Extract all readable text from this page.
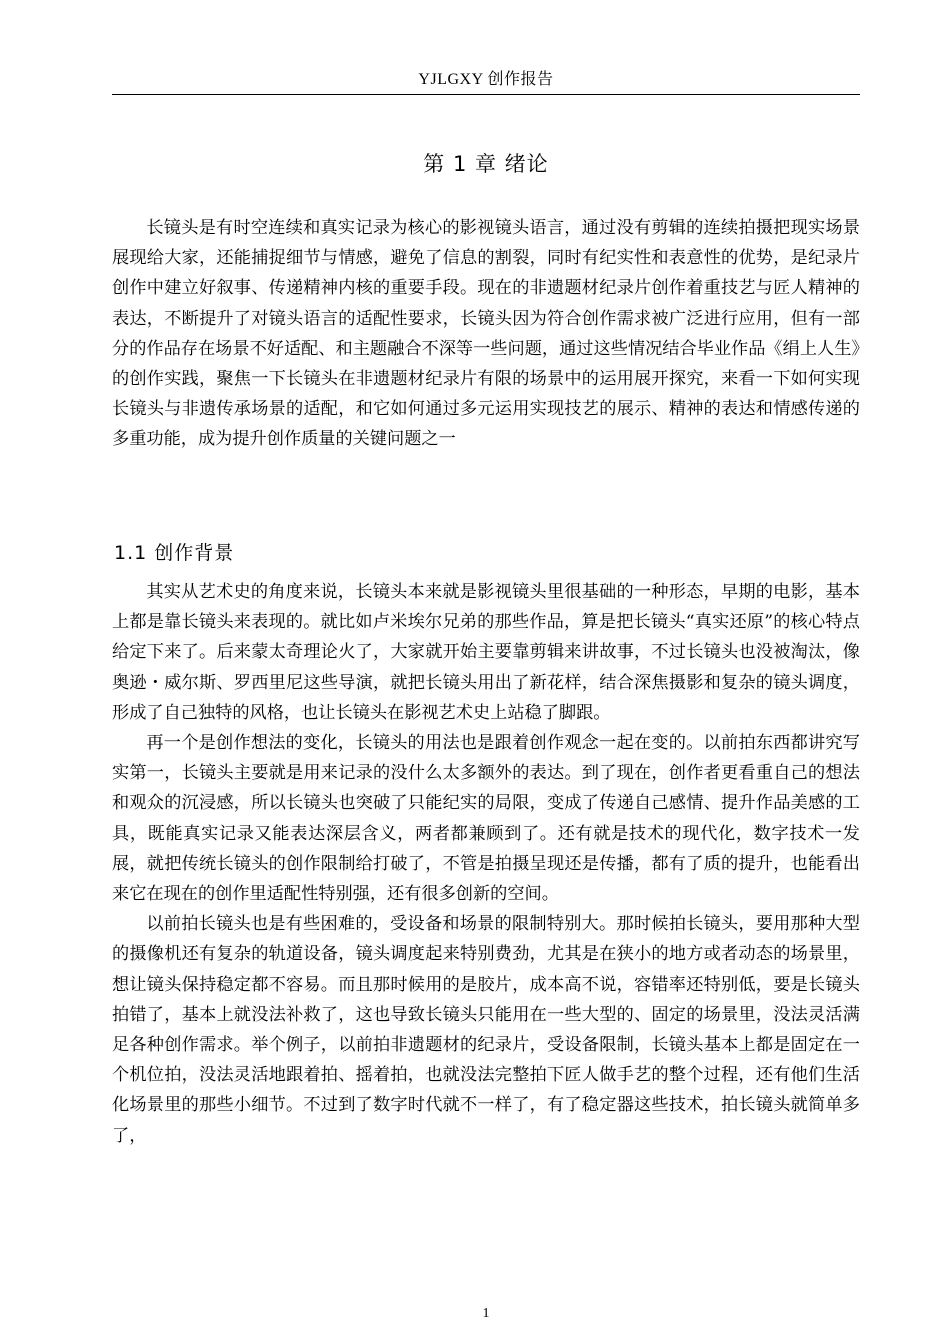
YJLGXY 创作报告
第 1 章 绪论

长镜头是有时空连续和真实记录为核心的影视镜头语言，通过没有剪辑的连续拍摄把现实场景展现给大家，还能捕捉细节与情感，避免了信息的割裂，同时有纪实性和表意性的优势，是纪录片创作中建立好叙事、传递精神内核的重要手段。现在的非遗题材纪录片创作着重技艺与匠人精神的表达，不断提升了对镜头语言的适配性要求，长镜头因为符合创作需求被广泛进行应用，但有一部分的作品存在场景不好适配、和主题融合不深等一些问题，通过这些情况结合毕业作品《绢上人生》的创作实践，聚焦一下长镜头在非遗题材纪录片有限的场景中的运用展开探究，来看一下如何实现长镜头与非遗传承场景的适配，和它如何通过多元运用实现技艺的展示、精神的表达和情感传递的多重功能，成为提升创作质量的关键问题之一

1.1 创作背景

其实从艺术史的角度来说，长镜头本来就是影视镜头里很基础的一种形态，早期的电影，基本上都是靠长镜头来表现的。就比如卢米埃尔兄弟的那些作品，算是把长镜头“真实还原”的核心特点给定下来了。后来蒙太奇理论火了，大家就开始主要靠剪辑来讲故事，不过长镜头也没被淘汰，像奥逊・威尔斯、罗西里尼这些导演，就把长镜头用出了新花样，结合深焦摄影和复杂的镜头调度，形成了自己独特的风格，也让长镜头在影视艺术史上站稳了脚跟。

再一个是创作想法的变化，长镜头的用法也是跟着创作观念一起在变的。以前拍东西都讲究写实第一，长镜头主要就是用来记录的没什么太多额外的表达。到了现在，创作者更看重自己的想法和观众的沉浸感，所以长镜头也突破了只能纪实的局限，变成了传递自己感情、提升作品美感的工具，既能真实记录又能表达深层含义，两者都兼顾到了。还有就是技术的现代化，数字技术一发展，就把传统长镜头的创作限制给打破了，不管是拍摄呈现还是传播，都有了质的提升，也能看出来它在现在的创作里适配性特别强，还有很多创新的空间。

以前拍长镜头也是有些困难的，受设备和场景的限制特别大。那时候拍长镜头，要用那种大型的摄像机还有复杂的轨道设备，镜头调度起来特别费劲，尤其是在狭小的地方或者动态的场景里，想让镜头保持稳定都不容易。而且那时候用的是胶片，成本高不说，容错率还特别低，要是长镜头拍错了，基本上就没法补救了，这也导致长镜头只能用在一些大型的、固定的场景里，没法灵活满足各种创作需求。举个例子，以前拍非遗题材的纪录片，受设备限制，长镜头基本上都是固定在一个机位拍，没法灵活地跟着拍、摇着拍，也就没法完整拍下匠人做手艺的整个过程，还有他们生活化场景里的那些小细节。不过到了数字时代就不一样了，有了稳定器这些技术，拍长镜头就简单多了，

1
